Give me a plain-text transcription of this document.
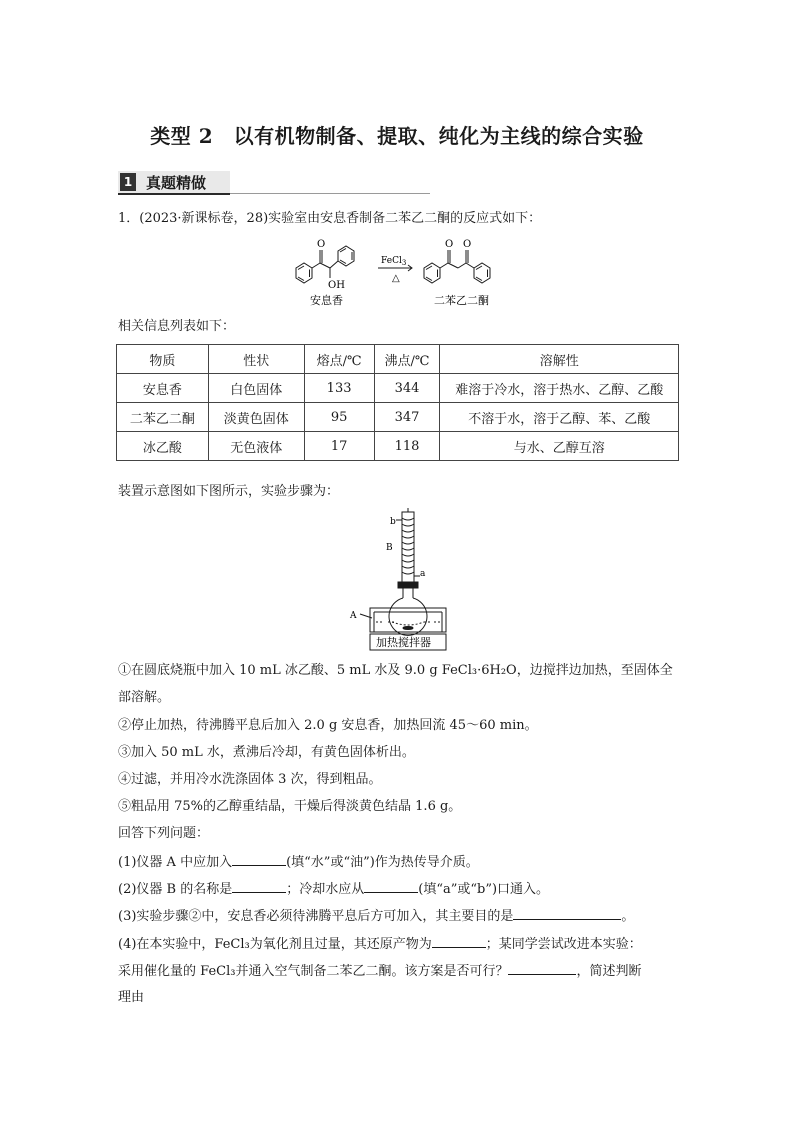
类型 2　以有机物制备、提取、纯化为主线的综合实验
1 真题精做
1．(2023·新课标卷，28)实验室由安息香制备二苯乙二酮的反应式如下：
O
OH
O O
FeCl$_3$
△
安息香	二苯乙二酮
相关信息列表如下：
物质	性状	熔点/℃	沸点/℃	溶解性
安息香	白色固体	133	344	难溶于冷水，溶于热水、乙醇、乙酸
二苯乙二酮	淡黄色固体	95	347	不溶于水，溶于乙醇、苯、乙酸
冰乙酸	无色液体	17	118	与水、乙醇互溶
装置示意图如下图所示，实验步骤为：
b
B
a
A
加热搅拌器
①在圆底烧瓶中加入 10 mL 冰乙酸、5 mL 水及 9.0 g FeCl₃·6H₂O，边搅拌边加热，至固体全
部溶解。
②停止加热，待沸腾平息后加入 2.0 g 安息香，加热回流 45～60 min。
③加入 50 mL 水，煮沸后冷却，有黄色固体析出。
④过滤，并用冷水洗涤固体 3 次，得到粗品。
⑤粗品用 75%的乙醇重结晶，干燥后得淡黄色结晶 1.6 g。
回答下列问题：
(1)仪器 A 中应加入	(填“水”或“油”)作为热传导介质。
(2)仪器 B 的名称是	；冷却水应从	(填“a”或“b”)口通入。
(3)实验步骤②中，安息香必须待沸腾平息后方可加入，其主要目的是	。
(4)在本实验中，FeCl₃为氧化剂且过量，其还原产物为	；某同学尝试改进本实验：
采用催化量的 FeCl₃并通入空气制备二苯乙二酮。该方案是否可行？	，简述判断
理由
